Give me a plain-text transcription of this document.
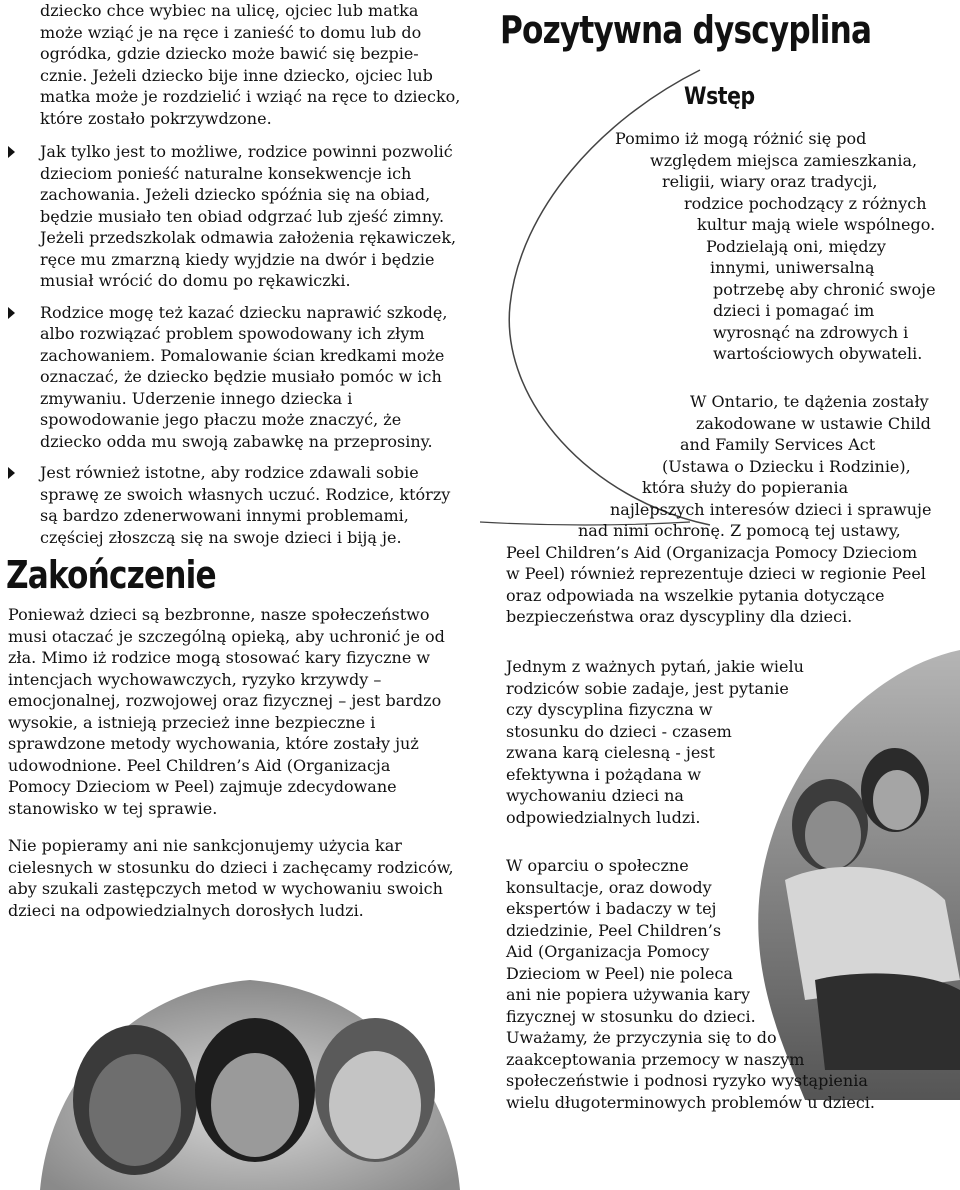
dziecko chce wybiec na ulicę, ojciec lub matka
może wziąć je na ręce i zanieść to domu lub do
ogródka, gdzie dziecko może bawić się bezpie-
cznie. Jeżeli dziecko bije inne dziecko, ojciec lub
matka może je rozdzielić i wziąć na ręce to dziecko,
które zostało pokrzywdzone.
Jak tylko jest to możliwe, rodzice powinni pozwolić
dzieciom ponieść naturalne konsekwencje ich
zachowania. Jeżeli dziecko spóźnia się na obiad,
będzie musiało ten obiad odgrzać lub zjeść zimny.
Jeżeli przedszkolak odmawia założenia rękawiczek,
ręce mu zmarzną kiedy wyjdzie na dwór i będzie
musiał wrócić do domu po rękawiczki.
Rodzice mogę też kazać dziecku naprawić szkodę,
albo rozwiązać problem spowodowany ich złym
zachowaniem. Pomalowanie ścian kredkami może
oznaczać, że dziecko będzie musiało pomóc w ich
zmywaniu. Uderzenie innego dziecka i
spowodowanie jego płaczu może znaczyć, że
dziecko odda mu swoją zabawkę na przeprosiny.
Jest również istotne, aby rodzice zdawali sobie
sprawę ze swoich własnych uczuć. Rodzice, którzy
są bardzo zdenerwowani innymi problemami,
częściej złoszczą się na swoje dzieci i biją je.
Zakończenie

Ponieważ dzieci są bezbronne, nasze społeczeństwo
musi otaczać je szczególną opieką, aby uchronić je od
zła. Mimo iż rodzice mogą stosować kary fizyczne w
intencjach wychowawczych, ryzyko krzywdy –
emocjonalnej, rozwojowej oraz fizycznej – jest bardzo
wysokie, a istnieją przecież inne bezpieczne i
sprawdzone metody wychowania, które zostały już
udowodnione. Peel Children’s Aid (Organizacja
Pomocy Dzieciom w Peel) zajmuje zdecydowane
stanowisko w tej sprawie.

Nie popieramy ani nie sankcjonujemy użycia kar
cielesnych w stosunku do dzieci i zachęcamy rodziców,
aby szukali zastępczych metod w wychowaniu swoich
dzieci na odpowiedzialnych dorosłych ludzi.

Pozytywna dyscyplina
Wstęp
Pomimo iż mogą różnić się pod
względem miejsca zamieszkania,
religii, wiary oraz tradycji,
rodzice pochodzący z różnych
kultur mają wiele wspólnego.
Podzielają oni, między
innymi, uniwersalną
potrzebę aby chronić swoje
dzieci i pomagać im
wyrosnąć na zdrowych i
wartościowych obywateli.
W Ontario, te dążenia zostały
zakodowane w ustawie Child
and Family Services Act
(Ustawa o Dziecku i Rodzinie),
która służy do popierania
najlepszych interesów dzieci i sprawuje
nad nimi ochronę. Z pomocą tej ustawy,
Peel Children’s Aid (Organizacja Pomocy Dzieciom
w Peel) również reprezentuje dzieci w regionie Peel
oraz odpowiada na wszelkie pytania dotyczące
bezpieczeństwa oraz dyscypliny dla dzieci.
Jednym z ważnych pytań, jakie wielu
rodziców sobie zadaje, jest pytanie
czy dyscyplina fizyczna w
stosunku do dzieci - czasem
zwana karą cielesną - jest
efektywna i pożądana w
wychowaniu dzieci na
odpowiedzialnych ludzi.
W oparciu o społeczne
konsultacje, oraz dowody
ekspertów i badaczy w tej
dziedzinie, Peel Children’s
Aid (Organizacja Pomocy
Dzieciom w Peel) nie poleca
ani nie popiera używania kary
fizycznej w stosunku do dzieci.
Uważamy, że przyczynia się to do
zaakceptowania przemocy w naszym
społeczeństwie i podnosi ryzyko wystąpienia
wielu długoterminowych problemów u dzieci.
